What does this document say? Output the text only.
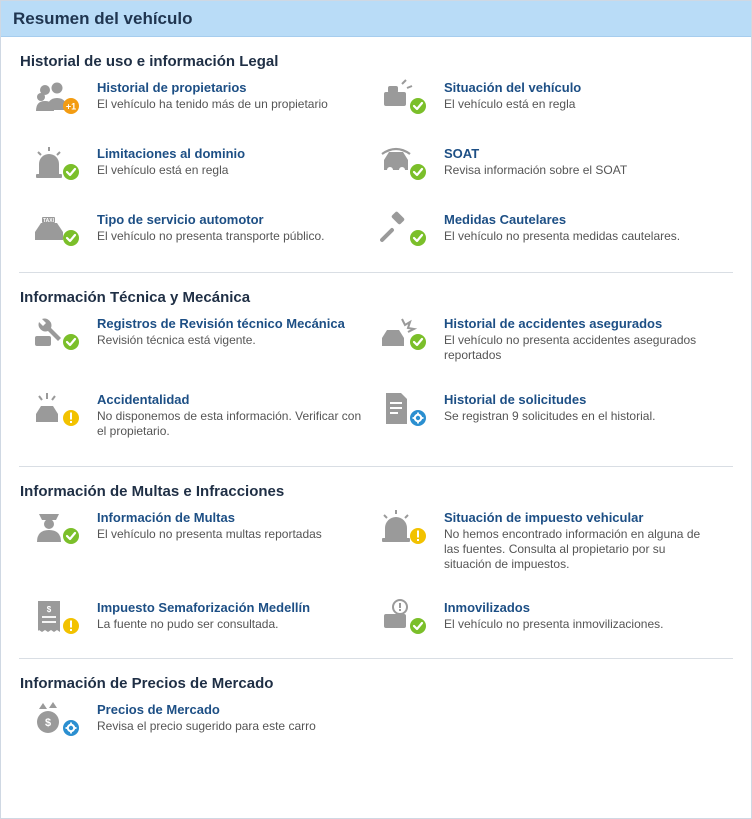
Resumen del vehículo
Historial de uso e información Legal
+1
Historial de propietarios
El vehículo ha tenido más de un propietario
Situación del vehículo
El vehículo está en regla
Limitaciones al dominio
El vehículo está en regla
SOAT
Revisa información sobre el SOAT
TAXI	Tipo de servicio automotor
El vehículo no presenta transporte público.
Medidas Cautelares
El vehículo no presenta medidas cautelares.
Información Técnica y Mecánica
Registros de Revisión técnico Mecánica
Revisión técnica está vigente.
Historial de accidentes asegurados
El vehículo no presenta accidentes asegurados reportados
Accidentalidad
No disponemos de esta información. Verificar con el propietario.
Historial de solicitudes
Se registran 9 solicitudes en el historial.
Información de Multas e Infracciones
Información de Multas
El vehículo no presenta multas reportadas
Situación de impuesto vehicular
No hemos encontrado información en alguna de las fuentes. Consulta al propietario por su situación de impuestos.
$	Impuesto Semaforización Medellín
La fuente no pudo ser consultada.
Inmovilizados
El vehículo no presenta inmovilizaciones.
Información de Precios de Mercado
$
Precios de Mercado
Revisa el precio sugerido para este carro
